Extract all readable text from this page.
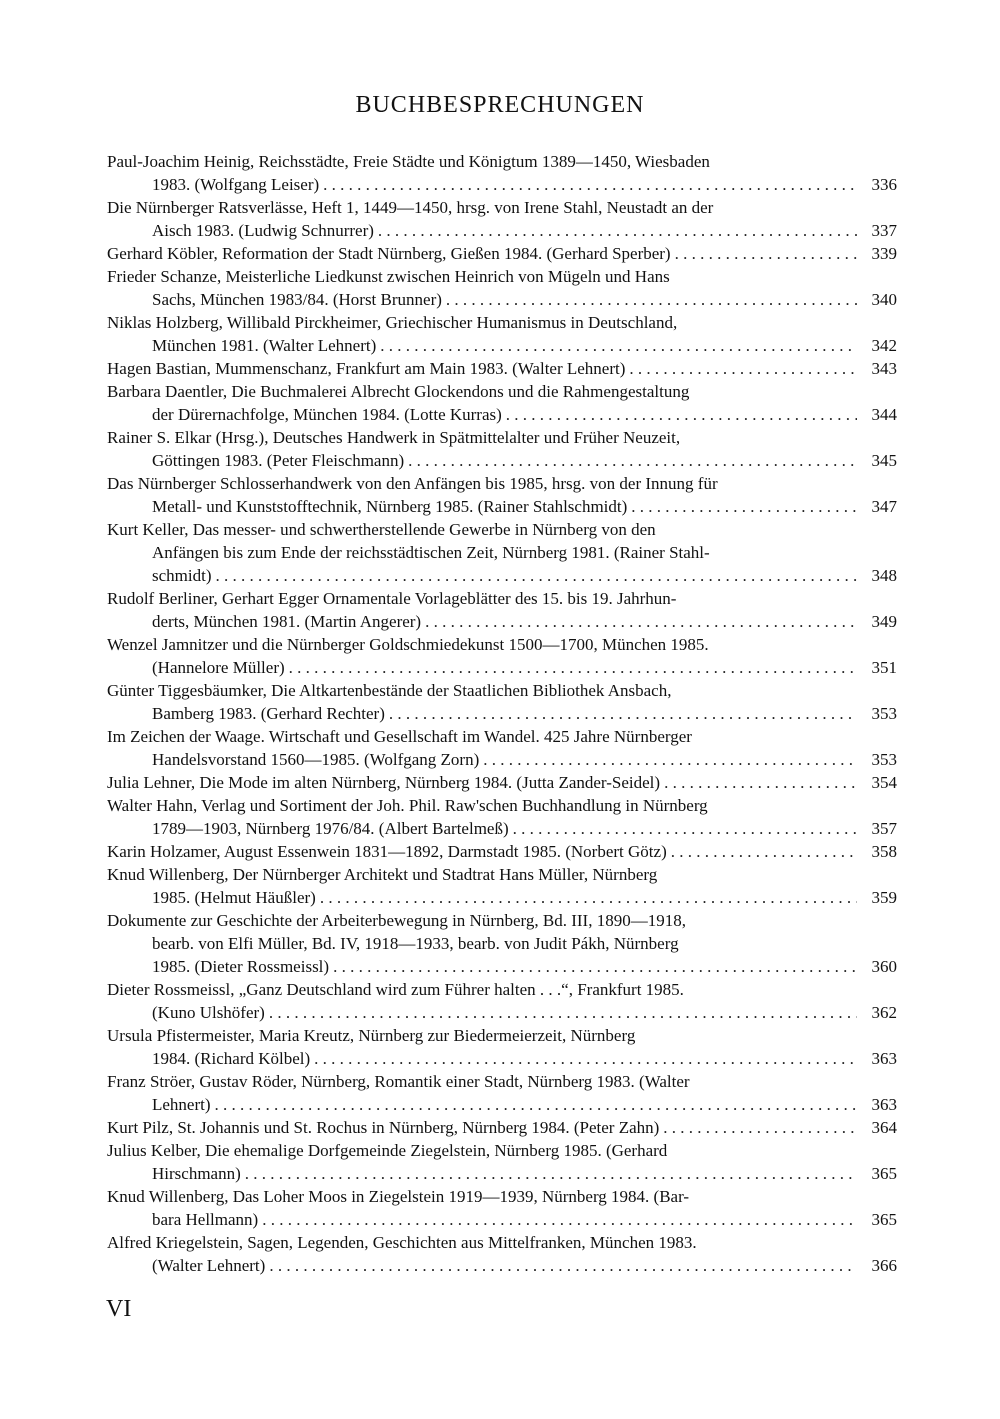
BUCHBESPRECHUNGEN
Paul-Joachim Heinig, Reichsstädte, Freie Städte und Königtum 1389—1450, Wiesbaden
1983. (Wolfgang Leiser) . . .	336
Die Nürnberger Ratsverlässe, Heft 1, 1449—1450, hrsg. von Irene Stahl, Neustadt an der
Aisch 1983. (Ludwig Schnurrer) . . .	337
Gerhard Köbler, Reformation der Stadt Nürnberg, Gießen 1984. (Gerhard Sperber) . . .	339
Frieder Schanze, Meisterliche Liedkunst zwischen Heinrich von Mügeln und Hans
Sachs, München 1983/84. (Horst Brunner) . . .	340
Niklas Holzberg, Willibald Pirckheimer, Griechischer Humanismus in Deutschland,
München 1981. (Walter Lehnert) . . .	342
Hagen Bastian, Mummenschanz, Frankfurt am Main 1983. (Walter Lehnert) . . .	343
Barbara Daentler, Die Buchmalerei Albrecht Glockendons und die Rahmengestaltung
der Dürernachfolge, München 1984. (Lotte Kurras) . . .	344
Rainer S. Elkar (Hrsg.), Deutsches Handwerk in Spätmittelalter und Früher Neuzeit,
Göttingen 1983. (Peter Fleischmann) . . .	345
Das Nürnberger Schlosserhandwerk von den Anfängen bis 1985, hrsg. von der Innung für
Metall- und Kunststofftechnik, Nürnberg 1985. (Rainer Stahlschmidt) . . .	347
Kurt Keller, Das messer- und schwertherstellende Gewerbe in Nürnberg von den
Anfängen bis zum Ende der reichsstädtischen Zeit, Nürnberg 1981. (Rainer Stahl-
schmidt) . . .	348
Rudolf Berliner, Gerhart Egger Ornamentale Vorlageblätter des 15. bis 19. Jahrhun-
derts, München 1981. (Martin Angerer) . . .	349
Wenzel Jamnitzer und die Nürnberger Goldschmiedekunst 1500—1700, München 1985.
(Hannelore Müller) . . .	351
Günter Tiggesbäumker, Die Altkartenbestände der Staatlichen Bibliothek Ansbach,
Bamberg 1983. (Gerhard Rechter) . . .	353
Im Zeichen der Waage. Wirtschaft und Gesellschaft im Wandel. 425 Jahre Nürnberger
Handelsvorstand 1560—1985. (Wolfgang Zorn) . . .	353
Julia Lehner, Die Mode im alten Nürnberg, Nürnberg 1984. (Jutta Zander-Seidel) . . .	354
Walter Hahn, Verlag und Sortiment der Joh. Phil. Raw'schen Buchhandlung in Nürnberg
1789—1903, Nürnberg 1976/84. (Albert Bartelmeß) . . .	357
Karin Holzamer, August Essenwein 1831—1892, Darmstadt 1985. (Norbert Götz) . . .	358
Knud Willenberg, Der Nürnberger Architekt und Stadtrat Hans Müller, Nürnberg
1985. (Helmut Häußler) . . .	359
Dokumente zur Geschichte der Arbeiterbewegung in Nürnberg, Bd. III, 1890—1918,
bearb. von Elfi Müller, Bd. IV, 1918—1933, bearb. von Judit Pákh, Nürnberg
1985. (Dieter Rossmeissl) . . .	360
Dieter Rossmeissl, „Ganz Deutschland wird zum Führer halten . . .“, Frankfurt 1985.
(Kuno Ulshöfer) . . .	362
Ursula Pfistermeister, Maria Kreutz, Nürnberg zur Biedermeierzeit, Nürnberg
1984. (Richard Kölbel) . . .	363
Franz Ströer, Gustav Röder, Nürnberg, Romantik einer Stadt, Nürnberg 1983. (Walter
Lehnert) . . .	363
Kurt Pilz, St. Johannis und St. Rochus in Nürnberg, Nürnberg 1984. (Peter Zahn) . . .	364
Julius Kelber, Die ehemalige Dorfgemeinde Ziegelstein, Nürnberg 1985. (Gerhard
Hirschmann) . . .	365
Knud Willenberg, Das Loher Moos in Ziegelstein 1919—1939, Nürnberg 1984. (Bar-
bara Hellmann) . . .	365
Alfred Kriegelstein, Sagen, Legenden, Geschichten aus Mittelfranken, München 1983.
(Walter Lehnert) . . .	366
VI
